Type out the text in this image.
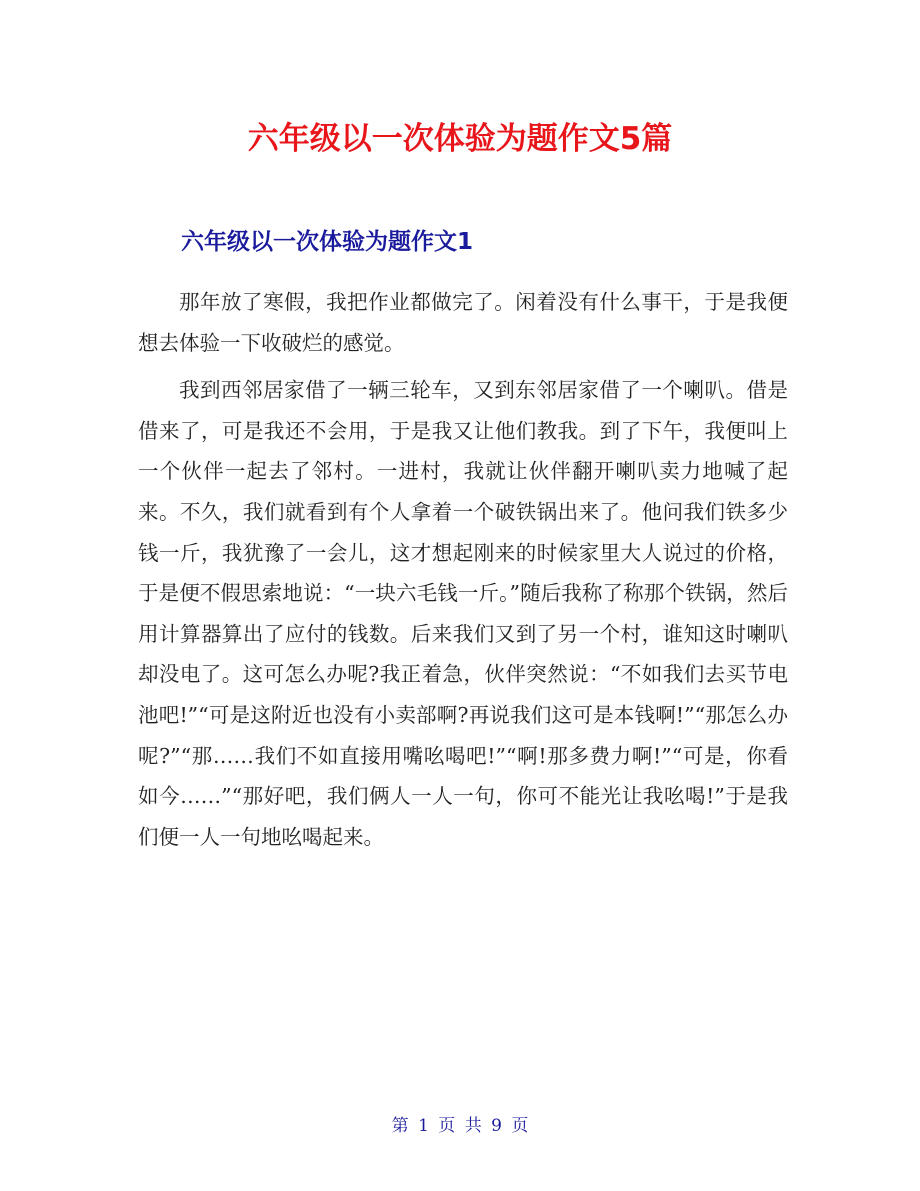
六年级以一次体验为题作文5篇
六年级以一次体验为题作文1

那年放了寒假，我把作业都做完了。闲着没有什么事干，于是我便想去体验一下收破烂的感觉。

我到西邻居家借了一辆三轮车，又到东邻居家借了一个喇叭。借是借来了，可是我还不会用，于是我又让他们教我。到了下午，我便叫上一个伙伴一起去了邻村。一进村，我就让伙伴翻开喇叭卖力地喊了起来。不久，我们就看到有个人拿着一个破铁锅出来了。他问我们铁多少钱一斤，我犹豫了一会儿，这才想起刚来的时候家里大人说过的价格，于是便不假思索地说：“一块六毛钱一斤。”随后我称了称那个铁锅，然后用计算器算出了应付的钱数。后来我们又到了另一个村，谁知这时喇叭却没电了。这可怎么办呢?我正着急，伙伴突然说：“不如我们去买节电池吧!”“可是这附近也没有小卖部啊?再说我们这可是本钱啊!”“那怎么办呢?”“那……我们不如直接用嘴吆喝吧!”“啊!那多费力啊!”“可是，你看如今……”“那好吧，我们俩人一人一句，你可不能光让我吆喝!”于是我们便一人一句地吆喝起来。

第 1 页 共 9 页
